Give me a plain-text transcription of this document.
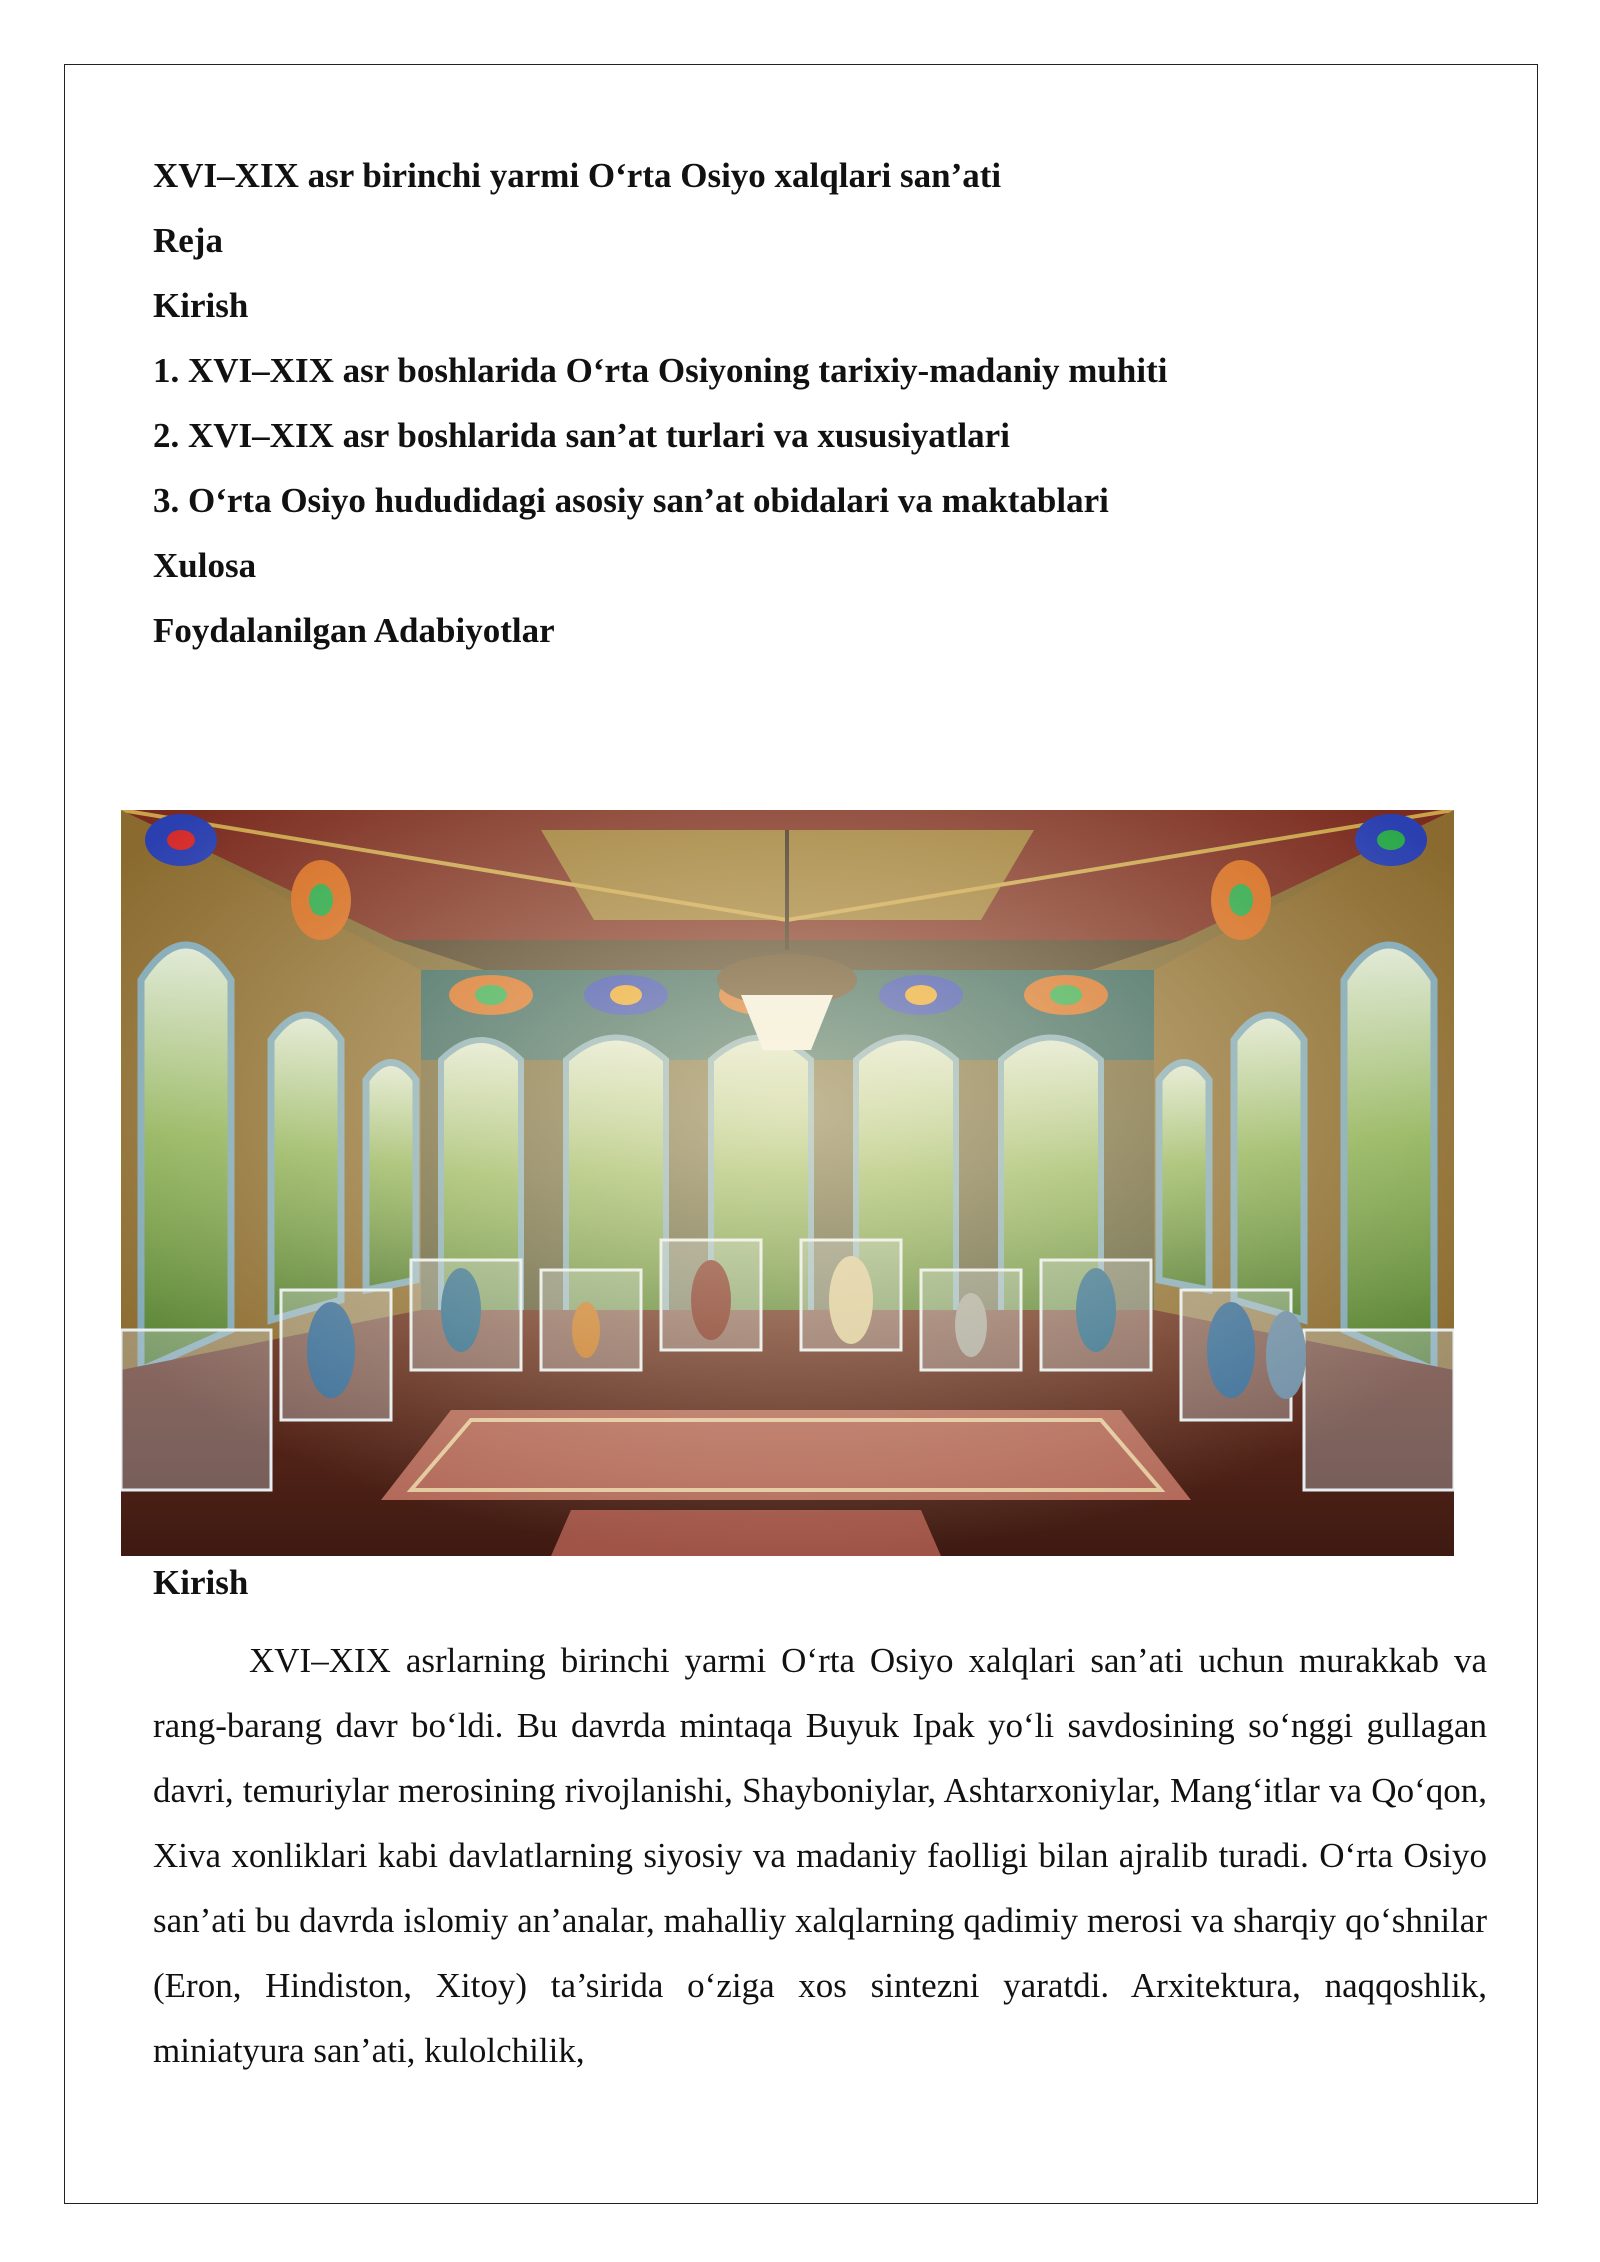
XVI–XIX asr birinchi yarmi O‘rta Osiyo xalqlari san’ati
Reja
Kirish
1. XVI–XIX asr boshlarida O‘rta Osiyoning tarixiy-madaniy muhiti
2. XVI–XIX asr boshlarida san’at turlari va xususiyatlari
3. O‘rta Osiyo hududidagi asosiy san’at obidalari va maktablari
Xulosa
Foydalanilgan Adabiyotlar
Kirish

XVI–XIX asrlarning birinchi yarmi O‘rta Osiyo xalqlari san’ati uchun murakkab va rang-barang davr bo‘ldi. Bu davrda mintaqa Buyuk Ipak yo‘li savdosining so‘nggi gullagan davri, temuriylar merosining rivojlanishi, Shayboniylar, Ashtarxoniylar, Mang‘itlar va Qo‘qon, Xiva xonliklari kabi davlatlarning siyosiy va madaniy faolligi bilan ajralib turadi. O‘rta Osiyo san’ati bu davrda islomiy an’analar, mahalliy xalqlarning qadimiy merosi va sharqiy qo‘shnilar (Eron, Hindiston, Xitoy) ta’sirida o‘ziga xos sintezni yaratdi. Arxitektura, naqqoshlik, miniatyura san’ati, kulolchilik,
